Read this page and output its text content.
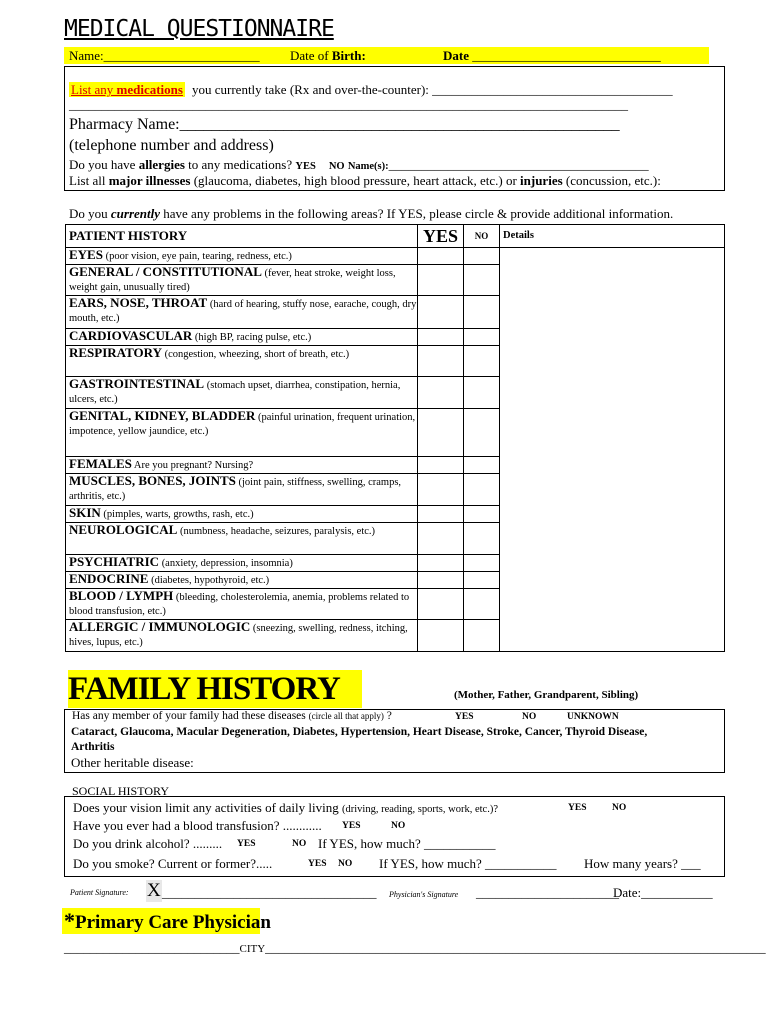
MEDICAL QUESTIONNAIRE
Name:________________________ Date of Birth:	Date _____________________________
List any medications you currently take (Rx and over-the-counter): _____________________________________
______________________________________________________________________________________
Pharmacy Name:_______________________________________________________
(telephone number and address)
Do you have allergies to any medications? YES NO Name(s):________________________________________
List all major illnesses (glaucoma, diabetes, high blood pressure, heart attack, etc.) or injuries (concussion, etc.):
Do you currently have any problems in the following areas? If YES, please circle & provide additional information.
PATIENT HISTORY	YES	NO	Details
EYES (poor vision, eye pain, tearing, redness, etc.)			
GENERAL / CONSTITUTIONAL (fever, heat stroke, weight loss, weight gain, unusually tired)			
EARS, NOSE, THROAT (hard of hearing, stuffy nose, earache, cough, dry mouth, etc.)			
CARDIOVASCULAR (high BP, racing pulse, etc.)			
RESPIRATORY (congestion, wheezing, short of breath, etc.)			
GASTROINTESTINAL (stomach upset, diarrhea, constipation, hernia, ulcers, etc.)			
GENITAL, KIDNEY, BLADDER (painful urination, frequent urination, impotence, yellow jaundice, etc.)			
FEMALES Are you pregnant? Nursing?			
MUSCLES, BONES, JOINTS (joint pain, stiffness, swelling, cramps, arthritis, etc.)			
SKIN (pimples, warts, growths, rash, etc.)			
NEUROLOGICAL (numbness, headache, seizures, paralysis, etc.)			
PSYCHIATRIC (anxiety, depression, insomnia)			
ENDOCRINE (diabetes, hypothyroid, etc.)			
BLOOD / LYMPH (bleeding, cholesterolemia, anemia, problems related to blood transfusion, etc.)			
ALLERGIC / IMMUNOLOGIC (sneezing, swelling, redness, itching, hives, lupus, etc.)			
FAMILY HISTORY	(Mother, Father, Grandparent, Sibling)
Has any member of your family had these diseases (circle all that apply) ?	YES	NO	UNKNOWN
Cataract, Glaucoma, Macular Degeneration, Diabetes, Hypertension, Heart Disease, Stroke, Cancer, Thyroid Disease,
Arthritis
Other heritable disease:
SOCIAL HISTORY
Does your vision limit any activities of daily living (driving, reading, sports, work, etc.)?	YES	NO
Have you ever had a blood transfusion? ............ YES	NO
Do you drink alcohol? ......... YES	NO If YES, how much? ___________
Do you smoke? Current or former?.....	YES NO If YES, how much? ___________ How many years? ___
Patient Signature: X _________________________________ Physician's Signature ______________________
Date:___________
*Primary Care Physician
___________________________CITY_____________________________________________________________________________
